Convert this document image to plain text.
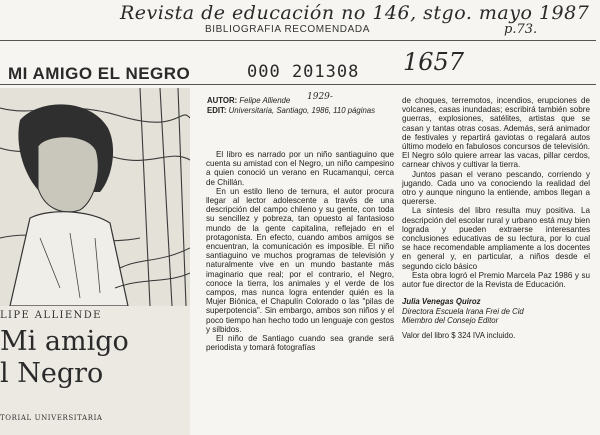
Revista de educación no 146, stgo. mayo 1987
p.73.
1657
000 201308
1929-
BIBLIOGRAFIA RECOMENDADA
MI AMIGO EL NEGRO
LIPE ALLIENDE
Mi amigo
l Negro
TORIAL UNIVERSITARIA
AUTOR: Felipe Alliende
EDIT: Universitaria, Santiago, 1986, 110 páginas

El libro es narrado por un niño santiaguino que cuenta su amistad con el Negro, un niño campesino a quien conoció un verano en Rucamanqui, cerca de Chillán.

En un estilo lleno de ternura, el autor procura llegar al lector adolescente a través de una descripción del campo chileno y su gente, con toda su sencillez y pobreza, tan opuesto al fantasioso mundo de la gente capitalina, reflejado en el protagonista. En efecto, cuando ambos amigos se encuentran, la comunicación es imposible. El niño santiaguino ve muchos programas de televisión y naturalmente vive en un mundo bastante más imaginario que real; por el contrario, el Negro, conoce la tierra, los animales y el verde de los campos, mas nunca logra entender quién es la Mujer Biónica, el Chapulín Colorado o las "pilas de superpotencia". Sin embargo, ambos son niños y el poco tiempo han hecho todo un lenguaje con gestos y silbidos.

El niño de Santiago cuando sea grande será periodista y tomará fotografías

de choques, terremotos, incendios, erupciones de volcanes, casas inundadas; escribirá también sobre guerras, explosiones, satélites, artistas que se casan y tantas otras cosas. Además, será animador de festivales y repartirá gaviotas o regalará autos último modelo en fabulosos concursos de televisión. El Negro sólo quiere arrear las vacas, pillar cerdos, carnear chivos y cultivar la tierra.

Juntos pasan el verano pescando, corriendo y jugando. Cada uno va conociendo la realidad del otro y aunque ninguno la entiende, ambos llegan a quererse.

La síntesis del libro resulta muy positiva. La descripción del escolar rural y urbano está muy bien lograda y pueden extraerse interesantes conclusiones educativas de su lectura, por lo cual se hace recomendable ampliamente a los docentes en general y, en particular, a niños desde el segundo ciclo básico

Esta obra logró el Premio Marcela Paz 1986 y su autor fue director de la Revista de Educación.

Julia Venegas Quiroz
Directora Escuela Irana Frei de Cid
Miembro del Consejo Editor
Valor del libro $ 324 IVA incluido.
